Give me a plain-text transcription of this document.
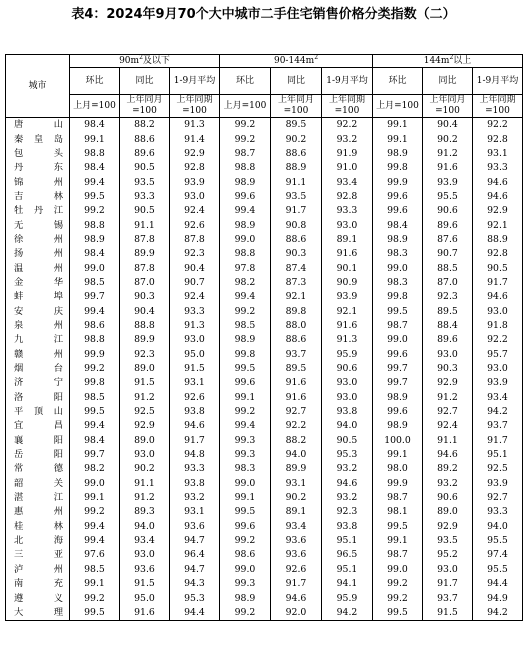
表4：2024年9月70个大中城市二手住宅销售价格分类指数（二）
城市	$90m^2$及以下			$90-144m^2$			$144m^2$以上		
	环比	同比	1-9月平均	环比	同比	1-9月平均	环比	同比	1-9月平均
	上月=100	上年同月=100	上年同期=100	上月=100	上年同月=100	上年同期=100	上月=100	上年同月=100	上年同期=100
唐山	98.4	88.2	91.3	99.2	89.5	92.2	99.1	90.4	92.2
秦皇岛	99.1	88.6	91.4	99.2	90.2	93.2	99.1	90.2	92.8
包头	98.8	89.6	92.9	98.7	88.6	91.9	98.9	91.2	93.1
丹东	98.4	90.5	92.8	98.8	88.9	91.0	99.8	91.6	93.3
锦州	99.4	93.5	93.9	98.9	91.1	93.4	99.9	93.9	94.6
吉林	99.5	93.3	93.0	99.6	93.5	92.8	99.6	95.5	94.6
牡丹江	99.2	90.5	92.4	99.4	91.7	93.3	99.6	90.6	92.9
无锡	98.8	91.1	92.6	98.9	90.8	93.0	98.4	89.6	92.1
徐州	98.9	87.8	87.8	99.0	88.6	89.1	98.9	87.6	88.9
扬州	98.4	89.9	92.3	98.8	90.3	91.6	98.3	90.7	92.8
温州	99.0	87.8	90.4	97.8	87.4	90.1	99.0	88.5	90.5
金华	98.5	87.0	90.7	98.2	87.3	90.9	98.3	87.0	91.7
蚌埠	99.7	90.3	92.4	99.4	92.1	93.9	99.8	92.3	94.6
安庆	99.4	90.4	93.3	99.2	89.8	92.1	99.5	89.5	93.0
泉州	98.6	88.8	91.3	98.5	88.0	91.6	98.7	88.4	91.8
九江	98.8	89.9	93.0	98.9	88.6	91.3	99.0	89.6	92.2
赣州	99.9	92.3	95.0	99.8	93.7	95.9	99.6	93.0	95.7
烟台	99.2	89.0	91.5	99.5	89.5	90.6	99.7	90.3	93.0
济宁	99.8	91.5	93.1	99.6	91.6	93.0	99.7	92.9	93.9
洛阳	98.5	91.2	92.6	99.1	91.6	93.0	98.9	91.2	93.4
平顶山	99.5	92.5	93.8	99.2	92.7	93.8	99.6	92.7	94.2
宜昌	99.4	92.9	94.6	99.4	92.2	94.0	98.9	92.4	93.7
襄阳	98.4	89.0	91.7	99.3	88.2	90.5	100.0	91.1	91.7
岳阳	99.7	93.0	94.8	99.3	94.0	95.3	99.1	94.6	95.1
常德	98.2	90.2	93.3	98.3	89.9	93.2	98.0	89.2	92.5
韶关	99.0	91.1	93.8	99.0	93.1	94.6	99.9	93.2	93.9
湛江	99.1	91.2	93.2	99.1	90.2	93.2	98.7	90.6	92.7
惠州	99.2	89.3	93.1	99.5	89.1	92.3	98.1	89.0	93.3
桂林	99.4	94.0	93.6	99.6	93.4	93.8	99.5	92.9	94.0
北海	99.4	93.4	94.7	99.2	93.6	95.1	99.1	93.5	95.5
三亚	97.6	93.0	96.4	98.6	93.6	96.5	98.7	95.2	97.4
泸州	98.5	93.6	94.7	99.0	92.6	95.1	99.0	93.0	95.5
南充	99.1	91.5	94.3	99.3	91.7	94.1	99.2	91.7	94.4
遵义	99.2	95.0	95.3	98.9	94.6	95.9	99.2	93.7	94.9
大理	99.5	91.6	94.4	99.2	92.0	94.2	99.5	91.5	94.2
